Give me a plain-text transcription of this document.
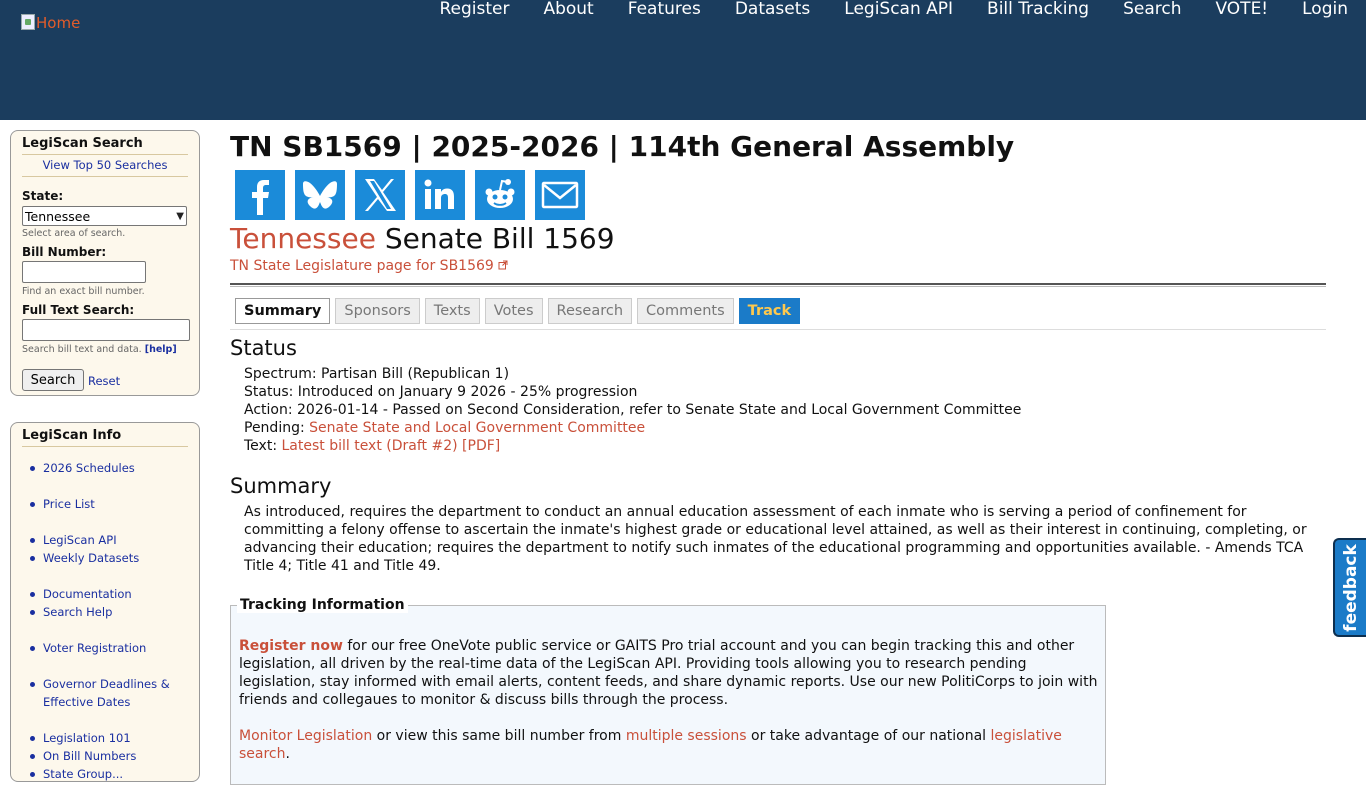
Home
Register	About	Features	Datasets	LegiScan API	Bill Tracking	Search	VOTE!	Login
LegiScan Search
View Top 50 Searches
State:
Tennessee	▼
Select area of search.
Bill Number:
Find an exact bill number.
Full Text Search:
Search bill text and data. [help]
Search	Reset
LegiScan Info
2026 Schedules
Price List
LegiScan API
Weekly Datasets
Documentation
Search Help
Voter Registration
Governor Deadlines &
Effective Dates
Legislation 101
On Bill Numbers
State Group...
TN SB1569 | 2025-2026 | 114th General Assembly
Tennessee Senate Bill 1569
TN State Legislature page for SB1569
Summary	Sponsors	Texts	Votes	Research	Comments	Track
Status
Spectrum: Partisan Bill (Republican 1)
Status: Introduced on January 9 2026 - 25% progression
Action: 2026-01-14 - Passed on Second Consideration, refer to Senate State and Local Government Committee
Pending: Senate State and Local Government Committee
Text: Latest bill text (Draft #2) [PDF]
Summary
As introduced, requires the department to conduct an annual education assessment of each inmate who is serving a period of confinement for committing a felony offense to ascertain the inmate's highest grade or educational level attained, as well as their interest in continuing, completing, or advancing their education; requires the department to notify such inmates of the educational programming and opportunities available. - Amends TCA Title 4; Title 41 and Title 49.
Tracking Information
Register now for our free OneVote public service or GAITS Pro trial account and you can begin tracking this and other legislation, all driven by the real-time data of the LegiScan API. Providing tools allowing you to research pending legislation, stay informed with email alerts, content feeds, and share dynamic reports. Use our new PolitiCorps to join with friends and collegaues to monitor & discuss bills through the process.
Monitor Legislation or view this same bill number from multiple sessions or take advantage of our national legislative search.
feedback
